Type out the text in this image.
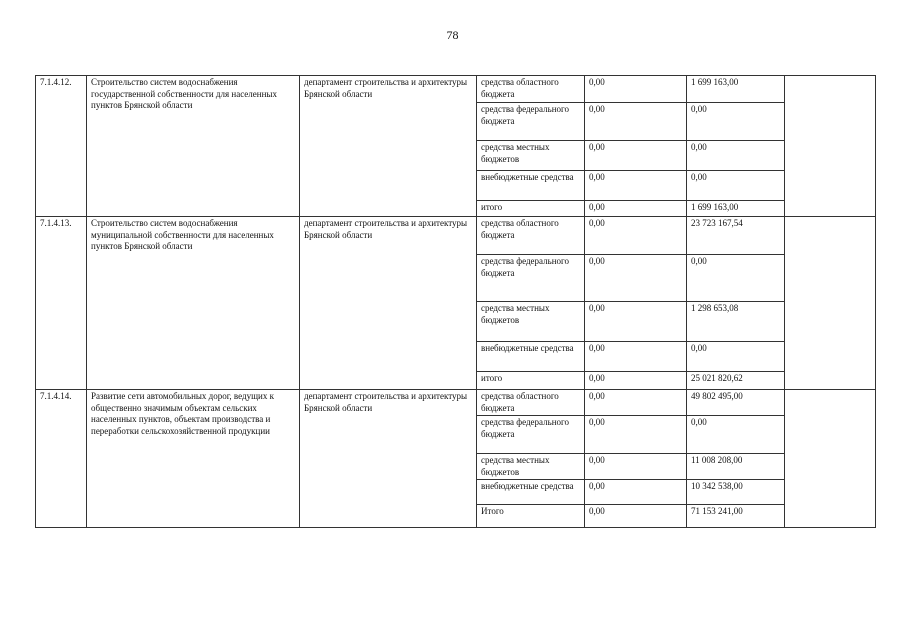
78
7.1.4.12.	Строительство систем водоснабжения государственной собственности для населенных пунктов Брянской области	департамент строительства и архитектуры Брянской области	средства областного бюджета	0,00	1 699 163,00	
			средства федерального бюджета	0,00	0,00	
			средства местных бюджетов	0,00	0,00	
			внебюджетные средства	0,00	0,00	
			итого	0,00	1 699 163,00	
7.1.4.13.	Строительство систем водоснабжения муниципальной собственности для населенных пунктов Брянской области	департамент строительства и архитектуры Брянской области	средства областного бюджета	0,00	23 723 167,54	
			средства федерального бюджета	0,00	0,00	
			средства местных бюджетов	0,00	1 298 653,08	
			внебюджетные средства	0,00	0,00	
			итого	0,00	25 021 820,62	
7.1.4.14.	Развитие сети автомобильных дорог, ведущих к общественно значимым объектам сельских населенных пунктов, объектам производства и переработки сельскохозяйственной продукции	департамент строительства и архитектуры Брянской области	средства областного бюджета	0,00	49 802 495,00	
			средства федерального бюджета	0,00	0,00	
			средства местных бюджетов	0,00	11 008 208,00	
			внебюджетные средства	0,00	10 342 538,00	
			Итого	0,00	71 153 241,00	
